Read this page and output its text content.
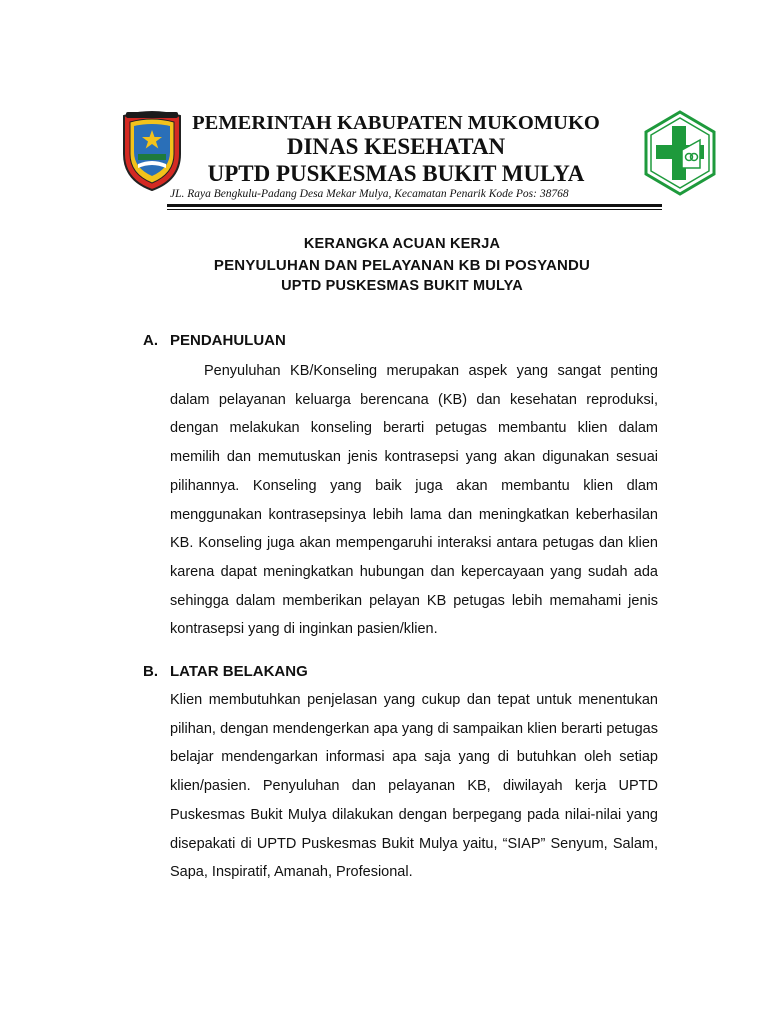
PEMERINTAH KABUPATEN MUKOMUKO
DINAS KESEHATAN
UPTD PUSKESMAS BUKIT MULYA
JL. Raya Bengkulu-Padang Desa Mekar Mulya, Kecamatan Penarik Kode Pos: 38768
KERANGKA ACUAN KERJA
PENYULUHAN DAN PELAYANAN KB DI POSYANDU
UPTD PUSKESMAS BUKIT MULYA
A. PENDAHULUAN
Penyuluhan KB/Konseling merupakan aspek yang sangat penting dalam pelayanan keluarga berencana (KB) dan kesehatan reproduksi, dengan melakukan konseling berarti petugas membantu klien dalam memilih dan memutuskan jenis kontrasepsi yang akan digunakan sesuai pilihannya. Konseling yang baik juga akan membantu klien dlam menggunakan kontrasepsinya lebih lama dan meningkatkan keberhasilan KB. Konseling juga akan mempengaruhi interaksi antara petugas dan klien karena dapat meningkatkan hubungan dan kepercayaan yang sudah ada sehingga dalam memberikan pelayan KB petugas lebih memahami jenis kontrasepsi yang di inginkan pasien/klien.
B. LATAR BELAKANG
Klien membutuhkan penjelasan yang cukup dan tepat untuk menentukan pilihan, dengan mendengerkan apa yang di sampaikan klien berarti petugas belajar mendengarkan informasi apa saja yang di butuhkan oleh setiap klien/pasien. Penyuluhan dan pelayanan KB, diwilayah kerja UPTD Puskesmas Bukit Mulya dilakukan dengan berpegang pada nilai-nilai yang disepakati di UPTD Puskesmas Bukit Mulya yaitu, “SIAP” Senyum, Salam, Sapa, Inspiratif, Amanah, Profesional.
